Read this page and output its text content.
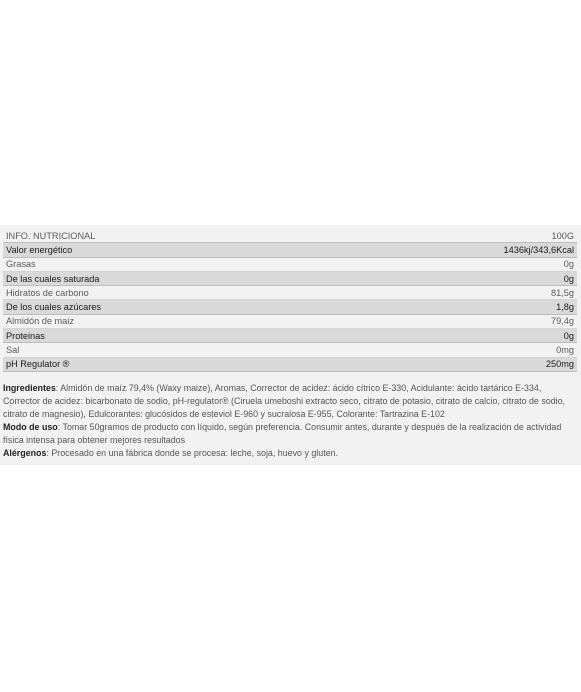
INFO. NUTRICIONAL	100G
Valor energético	1436kj/343,6Kcal
Grasas	0g
De las cuales saturada	0g
Hidratos de carbono	81,5g
De los cuales azúcares	1,8g
Almidón de maiz	79,4g
Proteinas	0g
Sal	0mg
pH Regulator ®	250mg

Ingredientes: Almidón de maíz 79,4% (Waxy maize), Aromas, Corrector de acidez: ácido cítrico E-330, Acidulante: ácido tartárico E-334, Corrector de acidez: bicarbonato de sodio, pH-regulator® (Ciruela umeboshi extracto seco, citrato de potasio, citrato de calcio, citrato de sodio, citrato de magnesio), Edulcorantes: glucósidos de esteviol E-960 y sucralosa E-955, Colorante: Tartrazina E-102

Modo de uso: Tomar 50gramos de producto con líquido, según preferencia. Consumir antes, durante y después de la realización de actividad física intensa para obtener mejores resultados

Alérgenos: Procesado en una fábrica donde se procesa: leche, soja, huevo y gluten.
